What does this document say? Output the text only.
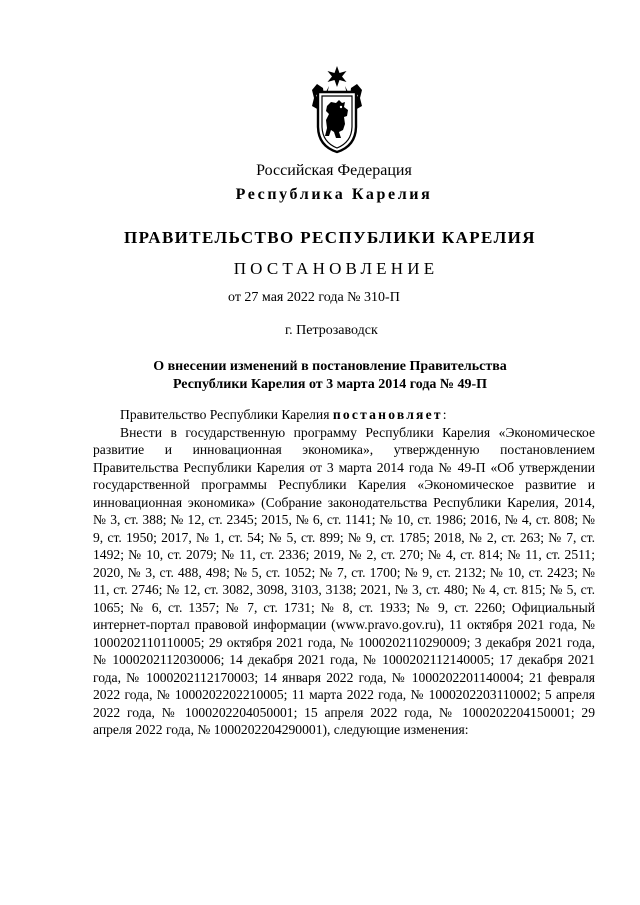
Российская Федерация
Республика Карелия
ПРАВИТЕЛЬСТВО РЕСПУБЛИКИ КАРЕЛИЯ
ПОСТАНОВЛЕНИЕ
от 27 мая 2022 года № 310-П
г. Петрозаводск
О внесении изменений в постановление Правительства
Республики Карелия от 3 марта 2014 года № 49-П

Правительство Республики Карелия постановляет:

Внести в государственную программу Республики Карелия «Экономическое развитие и инновационная экономика», утвержденную постановлением Правительства Республики Карелия от 3 марта 2014 года № 49-П «Об утверждении государственной программы Республики Карелия «Экономическое развитие и инновационная экономика» (Собрание законодательства Республики Карелия, 2014, № 3, ст. 388; № 12, ст. 2345; 2015, № 6, ст. 1141; № 10, ст. 1986; 2016, № 4, ст. 808; № 9, ст. 1950; 2017, № 1, ст. 54; № 5, ст. 899; № 9, ст. 1785; 2018, № 2, ст. 263; № 7, ст. 1492; № 10, ст. 2079; № 11, ст. 2336; 2019, № 2, ст. 270; № 4, ст. 814; № 11, ст. 2511; 2020, № 3, ст. 488, 498; № 5, ст. 1052; № 7, ст. 1700; № 9, ст. 2132; № 10, ст. 2423; № 11, ст. 2746; № 12, ст. 3082, 3098, 3103, 3138; 2021, № 3, ст. 480; № 4, ст. 815; № 5, ст. 1065; № 6, ст. 1357; № 7, ст. 1731; № 8, ст. 1933; № 9, ст. 2260; Официальный интернет-портал правовой информации (www.pravo.gov.ru), 11 октября 2021 года, № 1000202110110005; 29 октября 2021 года, № 1000202110290009; 3 декабря 2021 года, № 1000202112030006; 14 декабря 2021 года, № 1000202112140005; 17 декабря 2021 года, № 1000202112170003; 14 января 2022 года, № 1000202201140004; 21 февраля 2022 года, № 1000202202210005; 11 марта 2022 года, № 1000202203110002; 5 апреля 2022 года, № 1000202204050001; 15 апреля 2022 года, № 1000202204150001; 29 апреля 2022 года, № 1000202204290001), следующие изменения:
